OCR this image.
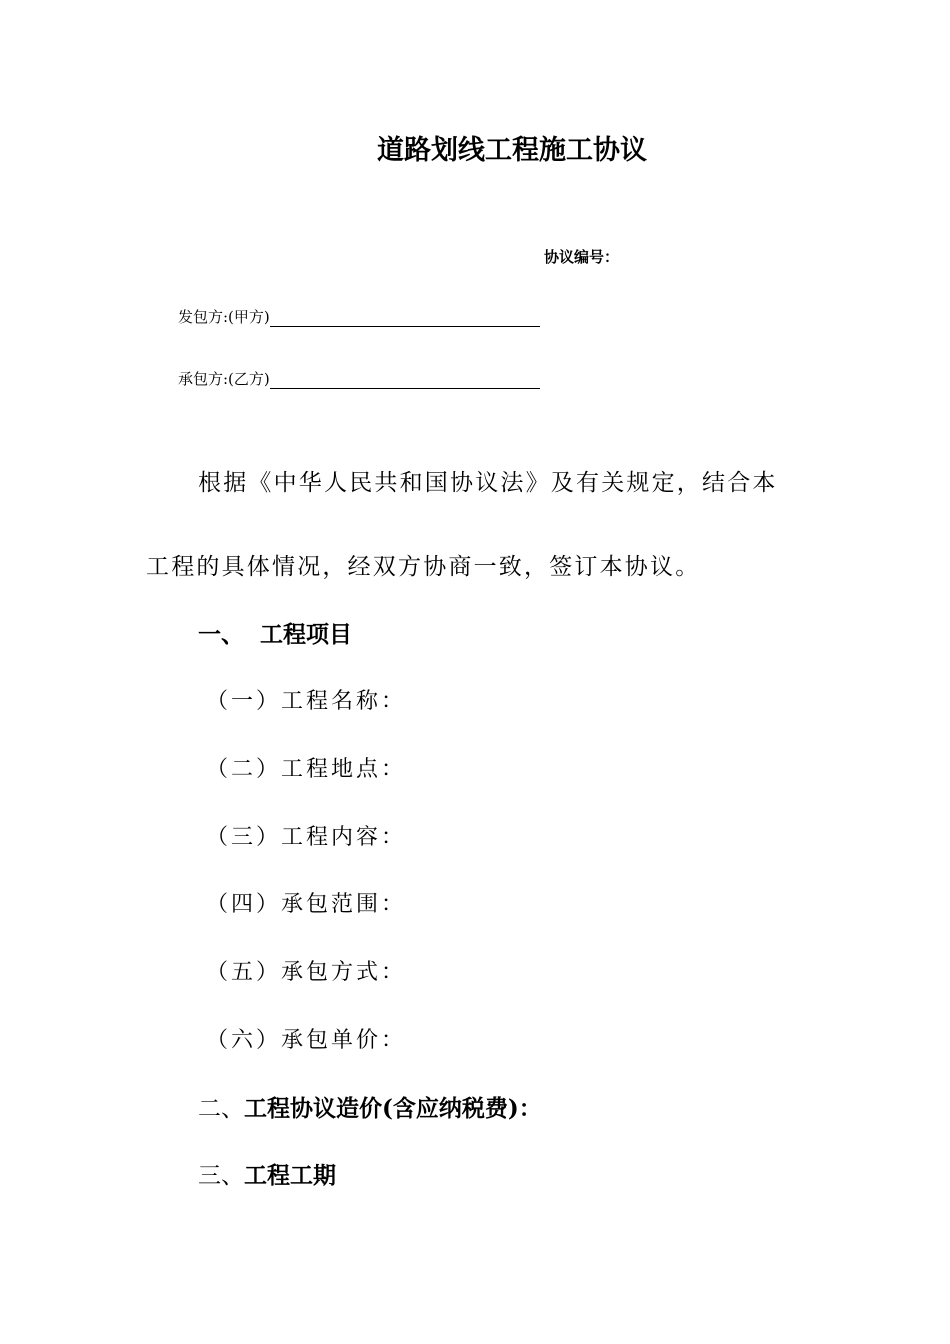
道路划线工程施工协议
协议编号：
发包方:(甲方)
承包方:(乙方)
根据《中华人民共和国协议法》及有关规定，结合本
工程的具体情况，经双方协商一致，签订本协议。
一、 工程项目
（一）工程名称：
（二）工程地点：
（三）工程内容：
（四）承包范围：
（五）承包方式：
（六）承包单价：
二、工程协议造价(含应纳税费)：
三、工程工期
